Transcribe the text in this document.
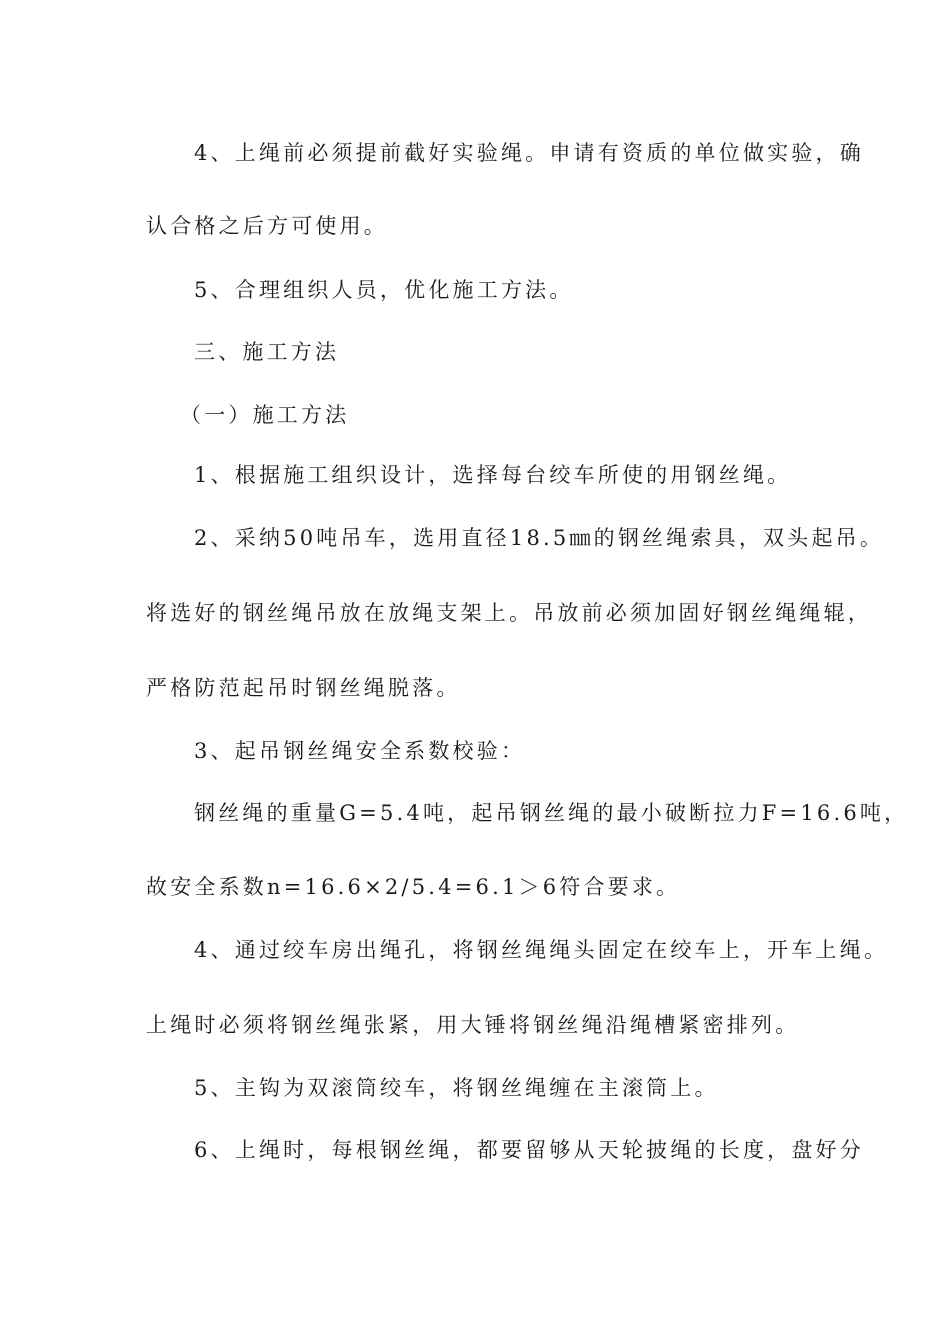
4、上绳前必须提前截好实验绳。申请有资质的单位做实验，确
认合格之后方可使用。
5、合理组织人员，优化施工方法。
三、施工方法
（一）施工方法
1、根据施工组织设计，选择每台绞车所使的用钢丝绳。
2、采纳50吨吊车，选用直径18.5㎜的钢丝绳索具，双头起吊。
将选好的钢丝绳吊放在放绳支架上。吊放前必须加固好钢丝绳绳辊，
严格防范起吊时钢丝绳脱落。
3、起吊钢丝绳安全系数校验：
钢丝绳的重量G=5.4吨，起吊钢丝绳的最小破断拉力F=16.6吨，
故安全系数n=16.6×2/5.4=6.1＞6符合要求。
4、通过绞车房出绳孔，将钢丝绳绳头固定在绞车上，开车上绳。
上绳时必须将钢丝绳张紧，用大锤将钢丝绳沿绳槽紧密排列。
5、主钩为双滚筒绞车，将钢丝绳缠在主滚筒上。
6、上绳时，每根钢丝绳，都要留够从天轮披绳的长度，盘好分
